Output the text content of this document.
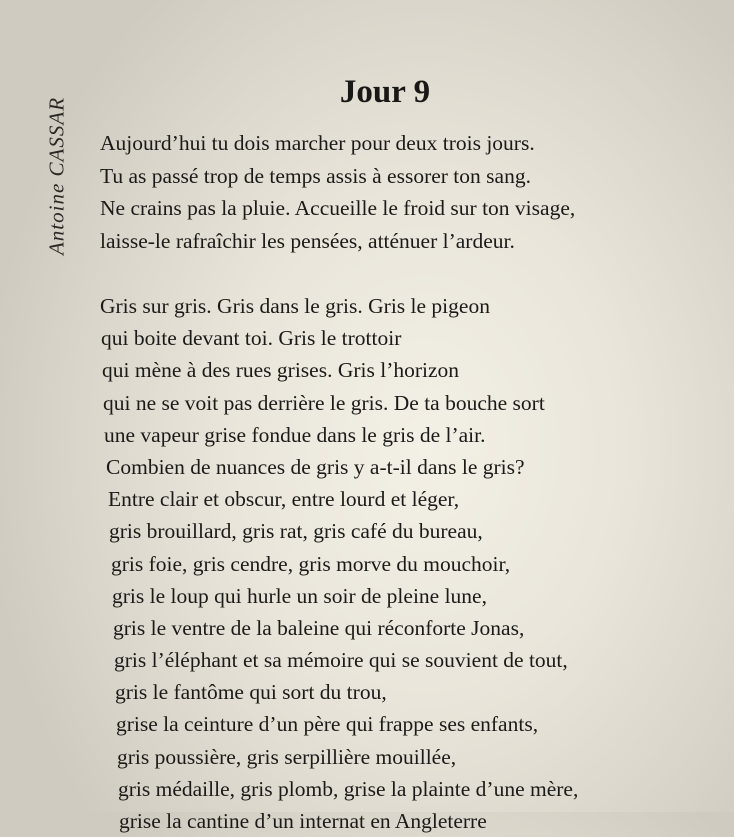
Antoine CASSAR
Jour 9
Aujourd’hui tu dois marcher pour deux trois jours.
Tu as passé trop de temps assis à essorer ton sang.
Ne crains pas la pluie. Accueille le froid sur ton visage,
laisse-le rafraîchir les pensées, atténuer l’ardeur.
Gris sur gris. Gris dans le gris. Gris le pigeon
qui boite devant toi. Gris le trottoir
qui mène à des rues grises. Gris l’horizon
qui ne se voit pas derrière le gris. De ta bouche sort
une vapeur grise fondue dans le gris de l’air.
Combien de nuances de gris y a-t-il dans le gris?
Entre clair et obscur, entre lourd et léger,
gris brouillard, gris rat, gris café du bureau,
gris foie, gris cendre, gris morve du mouchoir,
gris le loup qui hurle un soir de pleine lune,
gris le ventre de la baleine qui réconforte Jonas,
gris l’éléphant et sa mémoire qui se souvient de tout,
gris le fantôme qui sort du trou,
grise la ceinture d’un père qui frappe ses enfants,
gris poussière, gris serpillière mouillée,
gris médaille, gris plomb, grise la plainte d’une mère,
grise la cantine d’un internat en Angleterre
